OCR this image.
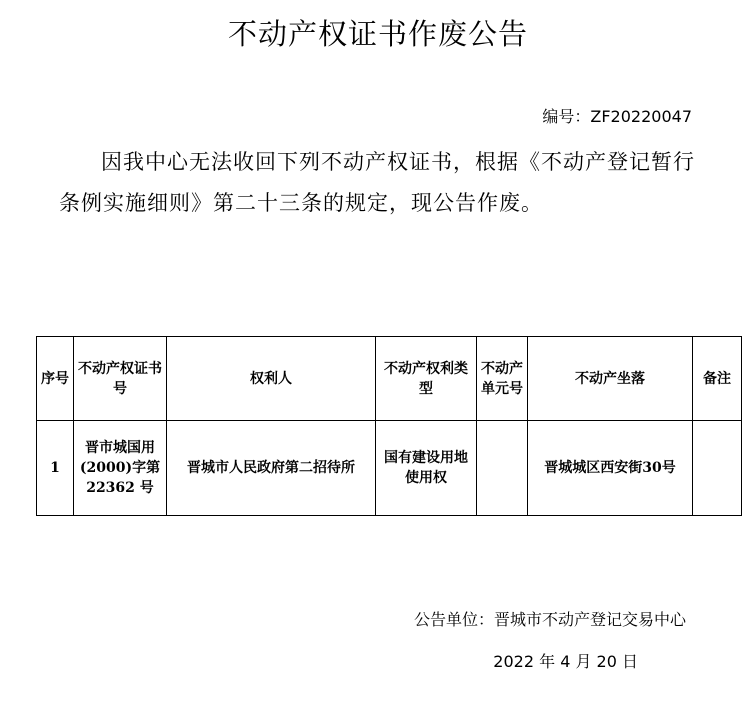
不动产权证书作废公告
编号：ZF20220047
因我中心无法收回下列不动产权证书，根据《不动产登记暂行条例实施细则》第二十三条的规定，现公告作废。
序号	不动产权证书号	权利人	不动产权利类型	不动产单元号	不动产坐落	备注
1	晋市城国用(2000)字第 22362 号	晋城市人民政府第二招待所	国有建设用地使用权		晋城城区西安街30号	
公告单位：晋城市不动产登记交易中心
2022 年 4 月 20 日
